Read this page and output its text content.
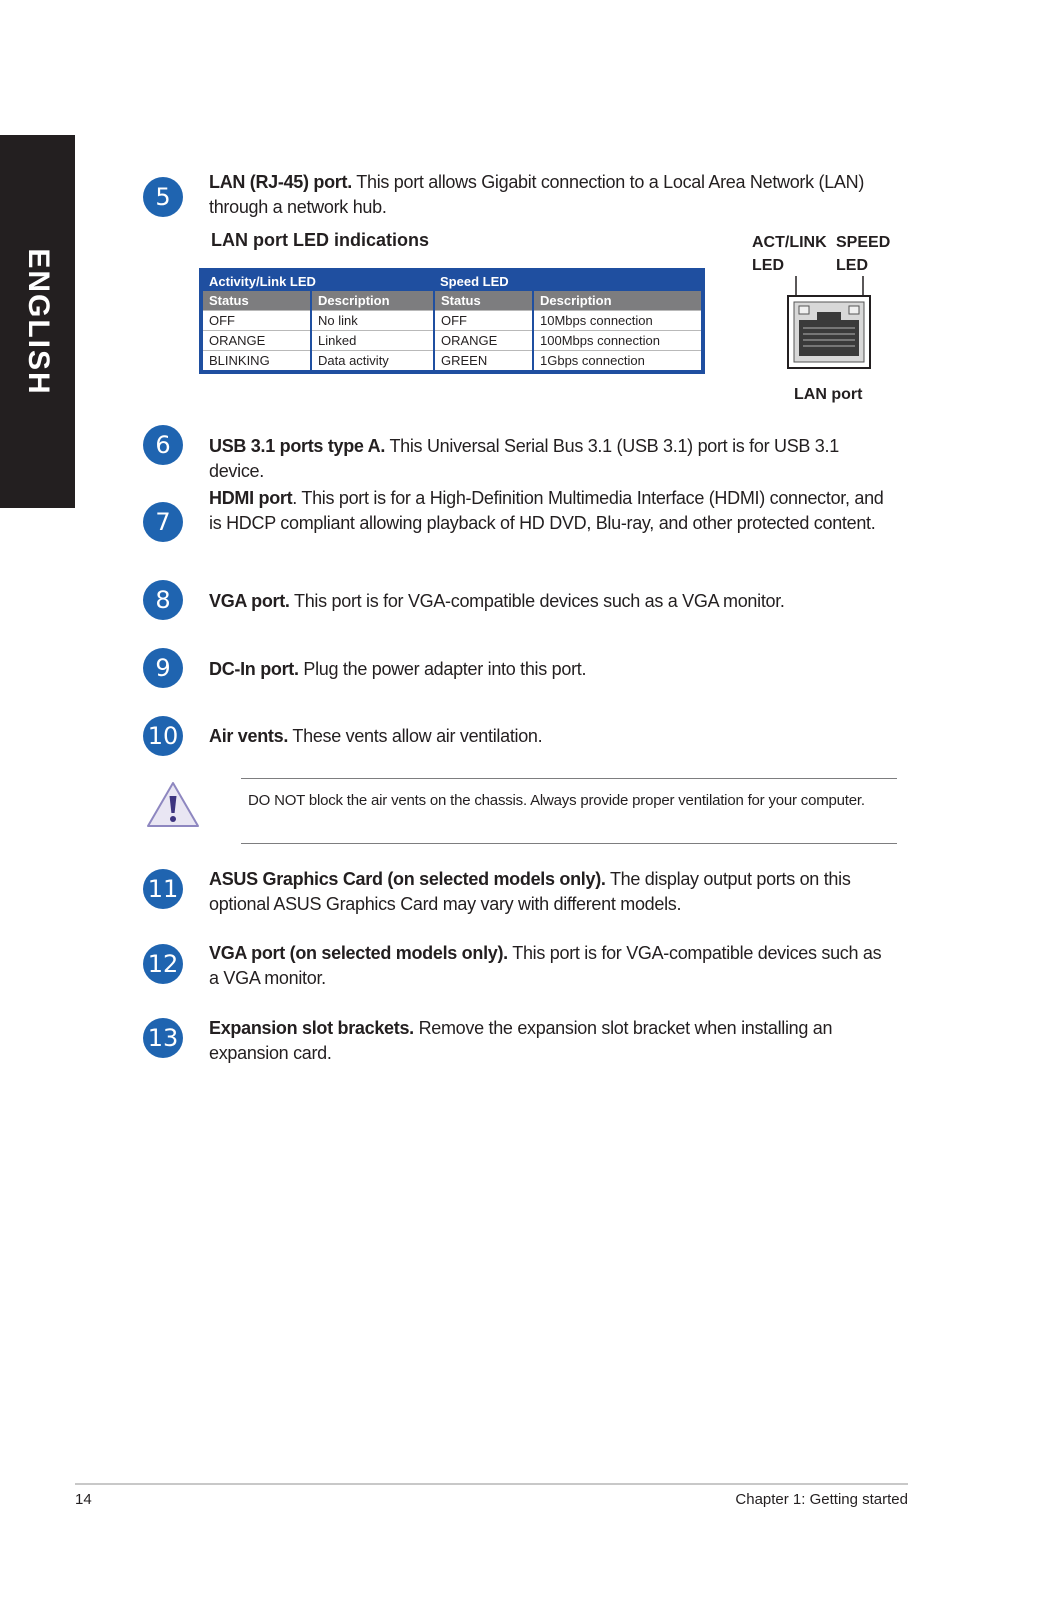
ENGLISH
5
LAN (RJ-45) port. This port allows Gigabit connection to a Local Area Network (LAN) through a network hub.
LAN port LED indications
Activity/Link LED		Speed LED	
Status	Description	Status	Description
OFF	No link	OFF	10Mbps connection
ORANGE	Linked	ORANGE	100Mbps connection
BLINKING	Data activity	GREEN	1Gbps connection
ACT/LINK
LED
SPEED
LED
LAN port
6	USB 3.1 ports type A. This Universal Serial Bus 3.1 (USB 3.1) port is for USB 3.1 device.
7
HDMI port. This port is for a High-Definition Multimedia Interface (HDMI) connector, and is HDCP compliant allowing playback of HD DVD, Blu-ray, and other protected content.
8	VGA port. This port is for VGA-compatible devices such as a VGA monitor.
9	DC-In port. Plug the power adapter into this port.
10 Air vents. These vents allow air ventilation.
DO NOT block the air vents on the chassis. Always provide proper ventilation for your computer.
11 ASUS Graphics Card (on selected models only). The display output ports on this optional ASUS Graphics Card may vary with different models.
12 VGA port (on selected models only). This port is for VGA-compatible devices such as a VGA monitor.
13 Expansion slot brackets. Remove the expansion slot bracket when installing an expansion card.
14	Chapter 1: Getting started
